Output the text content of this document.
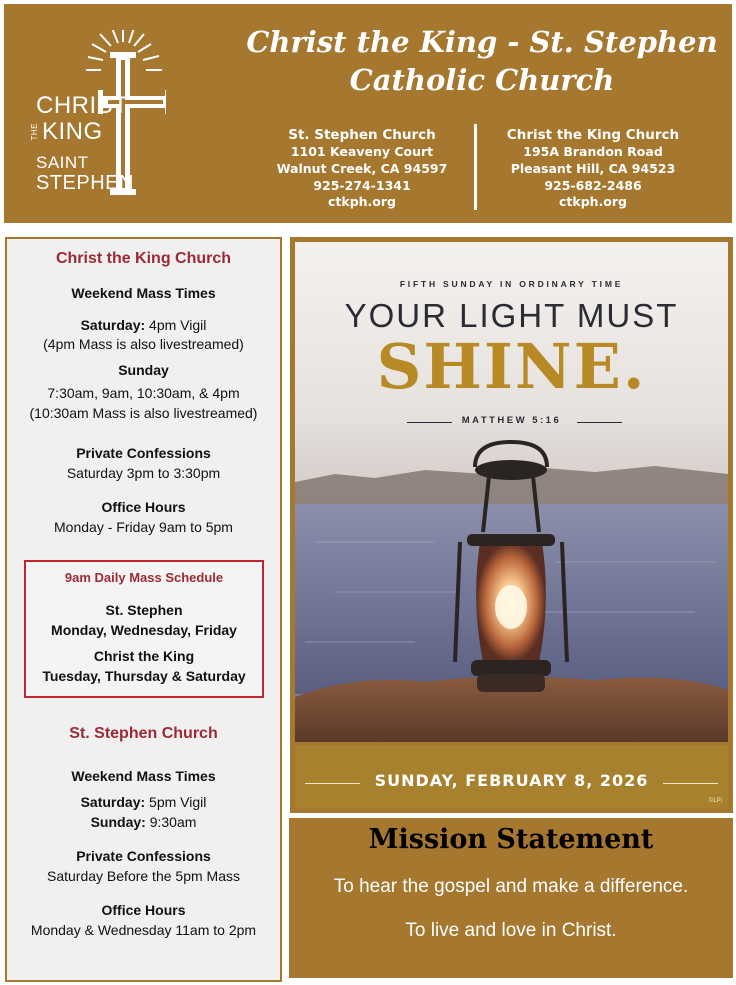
CHRIST
THE KING
SAINT
STEPHEN
Christ the King - St. Stephen
Catholic Church
St. Stephen Church
1101 Keaveny Court
Walnut Creek, CA 94597
925-274-1341
ctkph.org
Christ the King Church
195A Brandon Road
Pleasant Hill, CA 94523
925-682-2486
ctkph.org
Christ the King Church
Weekend Mass Times
Saturday: 4pm Vigil
(4pm Mass is also livestreamed)
Sunday
7:30am, 9am, 10:30am, & 4pm
(10:30am Mass is also livestreamed)
Private Confessions
Saturday 3pm to 3:30pm
Office Hours
Monday - Friday 9am to 5pm
9am Daily Mass Schedule
St. Stephen
Monday, Wednesday, Friday
Christ the King
Tuesday, Thursday & Saturday
St. Stephen Church
Weekend Mass Times
Saturday: 5pm Vigil
Sunday: 9:30am
Private Confessions
Saturday Before the 5pm Mass
Office Hours
Monday & Wednesday 11am to 2pm
FIFTH SUNDAY IN ORDINARY TIME
YOUR LIGHT MUST
SHINE.
MATTHEW 5:16
SUNDAY, FEBRUARY 8, 2026
©LPi
Mission Statement
To hear the gospel and make a difference.
To live and love in Christ.
